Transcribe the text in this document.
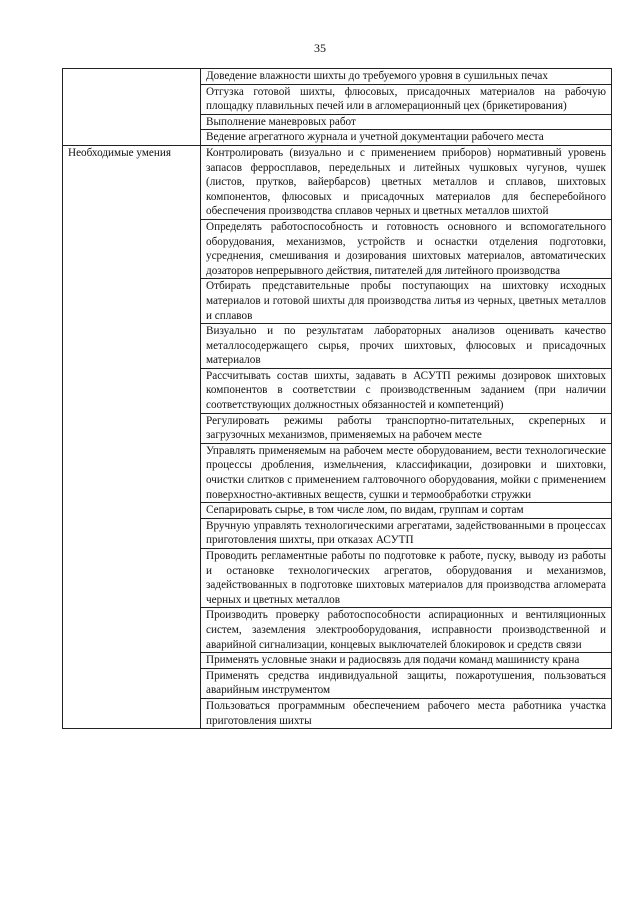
35
	Доведение влажности шихты до требуемого уровня в сушильных печах
	Отгузка готовой шихты, флюсовых, присадочных материалов на рабочую площадку плавильных печей или в агломерационный цех (брикетирования)
	Выполнение маневровых работ
	Ведение агрегатного журнала и учетной документации рабочего места
Необходимые умения	Контролировать (визуально и с применением приборов) нормативный уровень запасов ферросплавов, передельных и литейных чушковых чугунов, чушек (листов, прутков, вайербарсов) цветных металлов и сплавов, шихтовых компонентов, флюсовых и присадочных материалов для бесперебойного обеспечения производства сплавов черных и цветных металлов шихтой
	Определять работоспособность и готовность основного и вспомогательного оборудования, механизмов, устройств и оснастки отделения подготовки, усреднения, смешивания и дозирования шихтовых материалов, автоматических дозаторов непрерывного действия, питателей для литейного производства
	Отбирать представительные пробы поступающих на шихтовку исходных материалов и готовой шихты для производства литья из черных, цветных металлов и сплавов
	Визуально и по результатам лабораторных анализов оценивать качество металлосодержащего сырья, прочих шихтовых, флюсовых и присадочных материалов
	Рассчитывать состав шихты, задавать в АСУТП режимы дозировок шихтовых компонентов в соответствии с производственным заданием (при наличии соответствующих должностных обязанностей и компетенций)
	Регулировать режимы работы транспортно-питательных, скреперных и загрузочных механизмов, применяемых на рабочем месте
	Управлять применяемым на рабочем месте оборудованием, вести технологические процессы дробления, измельчения, классификации, дозировки и шихтовки, очистки слитков с применением галтовочного оборудования, мойки с применением поверхностно-активных веществ, сушки и термообработки стружки
	Сепарировать сырье, в том числе лом, по видам, группам и сортам
	Вручную управлять технологическими агрегатами, задействованными в процессах приготовления шихты, при отказах АСУТП
	Проводить регламентные работы по подготовке к работе, пуску, выводу из работы и остановке технологических агрегатов, оборудования и механизмов, задействованных в подготовке шихтовых материалов для производства агломерата черных и цветных металлов
	Производить проверку работоспособности аспирационных и вентиляционных систем, заземления электрооборудования, исправности производственной и аварийной сигнализации, концевых выключателей блокировок и средств связи
	Применять условные знаки и радиосвязь для подачи команд машинисту крана
	Применять средства индивидуальной защиты, пожаротушения, пользоваться аварийным инструментом
	Пользоваться программным обеспечением рабочего места работника участка приготовления шихты
